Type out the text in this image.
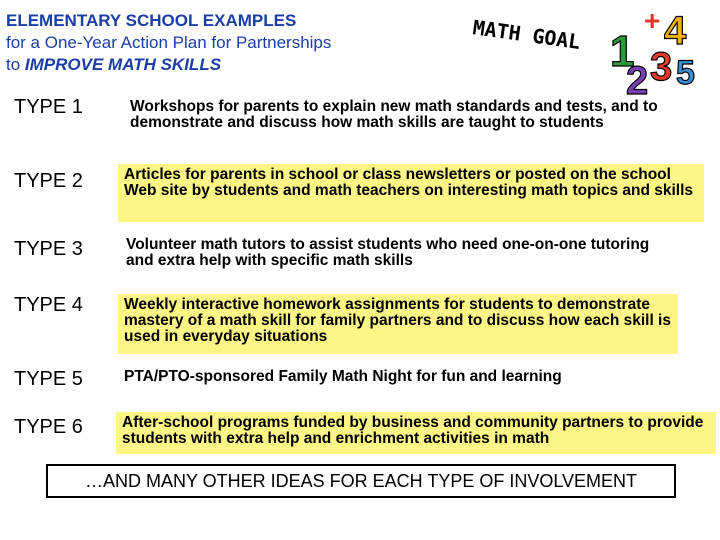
ELEMENTARY SCHOOL EXAMPLES
for a One-Year Action Plan for Partnerships
to IMPROVE MATH SKILLS
MATH GOAL 1 4
2 3 5
+
TYPE 1	Workshops for parents to explain new math standards and tests, and to demonstrate and discuss how math skills are taught to students
TYPE 2	Articles for parents in school or class newsletters or posted on the school Web site by students and math teachers on interesting math topics and skills
TYPE 3	Volunteer math tutors to assist students who need one-on-one tutoring and extra help with specific math skills
TYPE 4	Weekly interactive homework assignments for students to demonstrate mastery of a math skill for family partners and to discuss how each skill is used in everyday situations
TYPE 5	PTA/PTO-sponsored Family Math Night for fun and learning
TYPE 6	After-school programs funded by business and community partners to provide students with extra help and enrichment activities in math
…AND MANY OTHER IDEAS FOR EACH TYPE OF INVOLVEMENT
